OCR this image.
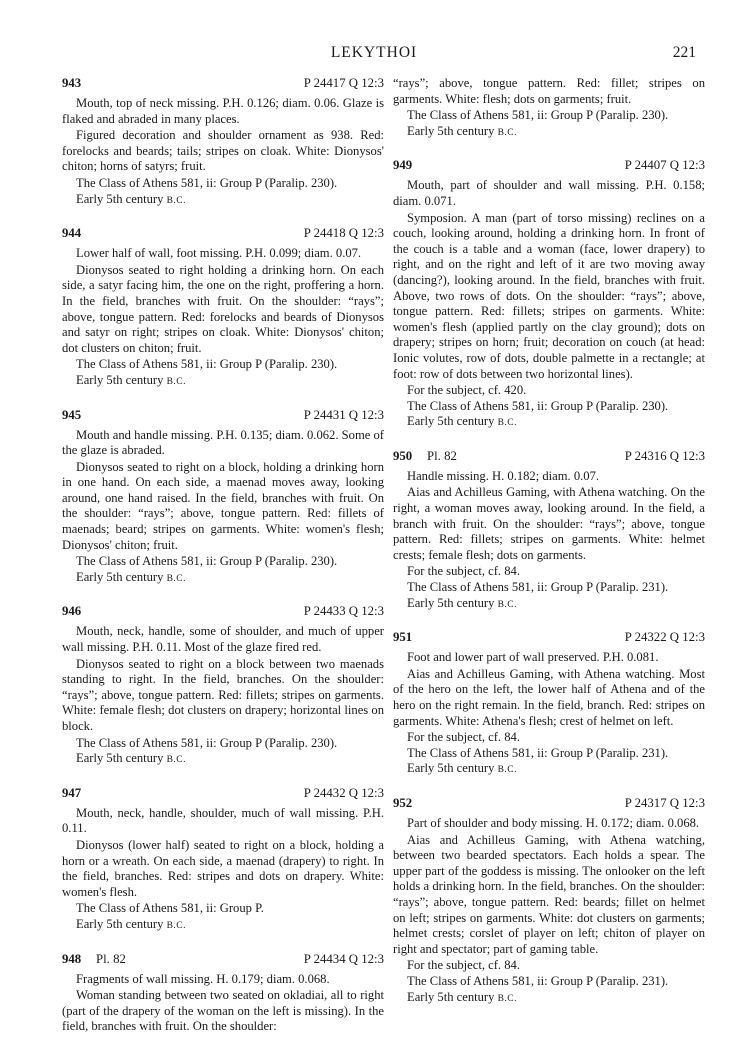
LEKYTHOI	221
943	P 24417 Q 12:3

Mouth, top of neck missing. P.H. 0.126; diam. 0.06. Glaze is flaked and abraded in many places.

Figured decoration and shoulder ornament as 938. Red: forelocks and beards; tails; stripes on cloak. White: Dionysos' chiton; horns of satyrs; fruit.

The Class of Athens 581, ii: Group P (Paralip. 230).

Early 5th century B.C.

944	P 24418 Q 12:3

Lower half of wall, foot missing. P.H. 0.099; diam. 0.07.

Dionysos seated to right holding a drinking horn. On each side, a satyr facing him, the one on the right, proffering a horn. In the field, branches with fruit. On the shoulder: “rays”; above, tongue pattern. Red: forelocks and beards of Dionysos and satyr on right; stripes on cloak. White: Dionysos' chiton; dot clusters on chiton; fruit.

The Class of Athens 581, ii: Group P (Paralip. 230).

Early 5th century B.C.

945	P 24431 Q 12:3

Mouth and handle missing. P.H. 0.135; diam. 0.062. Some of the glaze is abraded.

Dionysos seated to right on a block, holding a drinking horn in one hand. On each side, a maenad moves away, looking around, one hand raised. In the field, branches with fruit. On the shoulder: “rays”; above, tongue pattern. Red: fillets of maenads; beard; stripes on garments. White: women's flesh; Dionysos' chiton; fruit.

The Class of Athens 581, ii: Group P (Paralip. 230).

Early 5th century B.C.

946	P 24433 Q 12:3

Mouth, neck, handle, some of shoulder, and much of upper wall missing. P.H. 0.11. Most of the glaze fired red.

Dionysos seated to right on a block between two maenads standing to right. In the field, branches. On the shoulder: “rays”; above, tongue pattern. Red: fillets; stripes on garments. White: female flesh; dot clusters on drapery; horizontal lines on block.

The Class of Athens 581, ii: Group P (Paralip. 230).

Early 5th century B.C.

947	P 24432 Q 12:3

Mouth, neck, handle, shoulder, much of wall missing. P.H. 0.11.

Dionysos (lower half) seated to right on a block, holding a horn or a wreath. On each side, a maenad (drapery) to right. In the field, branches. Red: stripes and dots on drapery. White: women's flesh.

The Class of Athens 581, ii: Group P.

Early 5th century B.C.

948 Pl. 82	P 24434 Q 12:3

Fragments of wall missing. H. 0.179; diam. 0.068.

Woman standing between two seated on okladiai, all to right (part of the drapery of the woman on the left is missing). In the field, branches with fruit. On the shoulder:

“rays”; above, tongue pattern. Red: fillet; stripes on garments. White: flesh; dots on garments; fruit.

The Class of Athens 581, ii: Group P (Paralip. 230).

Early 5th century B.C.

949	P 24407 Q 12:3

Mouth, part of shoulder and wall missing. P.H. 0.158; diam. 0.071.

Symposion. A man (part of torso missing) reclines on a couch, looking around, holding a drinking horn. In front of the couch is a table and a woman (face, lower drapery) to right, and on the right and left of it are two moving away (dancing?), looking around. In the field, branches with fruit. Above, two rows of dots. On the shoulder: “rays”; above, tongue pattern. Red: fillets; stripes on garments. White: women's flesh (applied partly on the clay ground); dots on drapery; stripes on horn; fruit; decoration on couch (at head: Ionic volutes, row of dots, double palmette in a rectangle; at foot: row of dots between two horizontal lines).

For the subject, cf. 420.

The Class of Athens 581, ii: Group P (Paralip. 230).

Early 5th century B.C.

950 Pl. 82	P 24316 Q 12:3

Handle missing. H. 0.182; diam. 0.07.

Aias and Achilleus Gaming, with Athena watching. On the right, a woman moves away, looking around. In the field, a branch with fruit. On the shoulder: “rays”; above, tongue pattern. Red: fillets; stripes on garments. White: helmet crests; female flesh; dots on garments.

For the subject, cf. 84.

The Class of Athens 581, ii: Group P (Paralip. 231).

Early 5th century B.C.

951	P 24322 Q 12:3

Foot and lower part of wall preserved. P.H. 0.081.

Aias and Achilleus Gaming, with Athena watching. Most of the hero on the left, the lower half of Athena and of the hero on the right remain. In the field, branch. Red: stripes on garments. White: Athena's flesh; crest of helmet on left.

For the subject, cf. 84.

The Class of Athens 581, ii: Group P (Paralip. 231).

Early 5th century B.C.

952	P 24317 Q 12:3

Part of shoulder and body missing. H. 0.172; diam. 0.068.

Aias and Achilleus Gaming, with Athena watching, between two bearded spectators. Each holds a spear. The upper part of the goddess is missing. The onlooker on the left holds a drinking horn. In the field, branches. On the shoulder: “rays”; above, tongue pattern. Red: beards; fillet on helmet on left; stripes on garments. White: dot clusters on garments; helmet crests; corslet of player on left; chiton of player on right and spectator; part of gaming table.

For the subject, cf. 84.

The Class of Athens 581, ii: Group P (Paralip. 231).

Early 5th century B.C.
